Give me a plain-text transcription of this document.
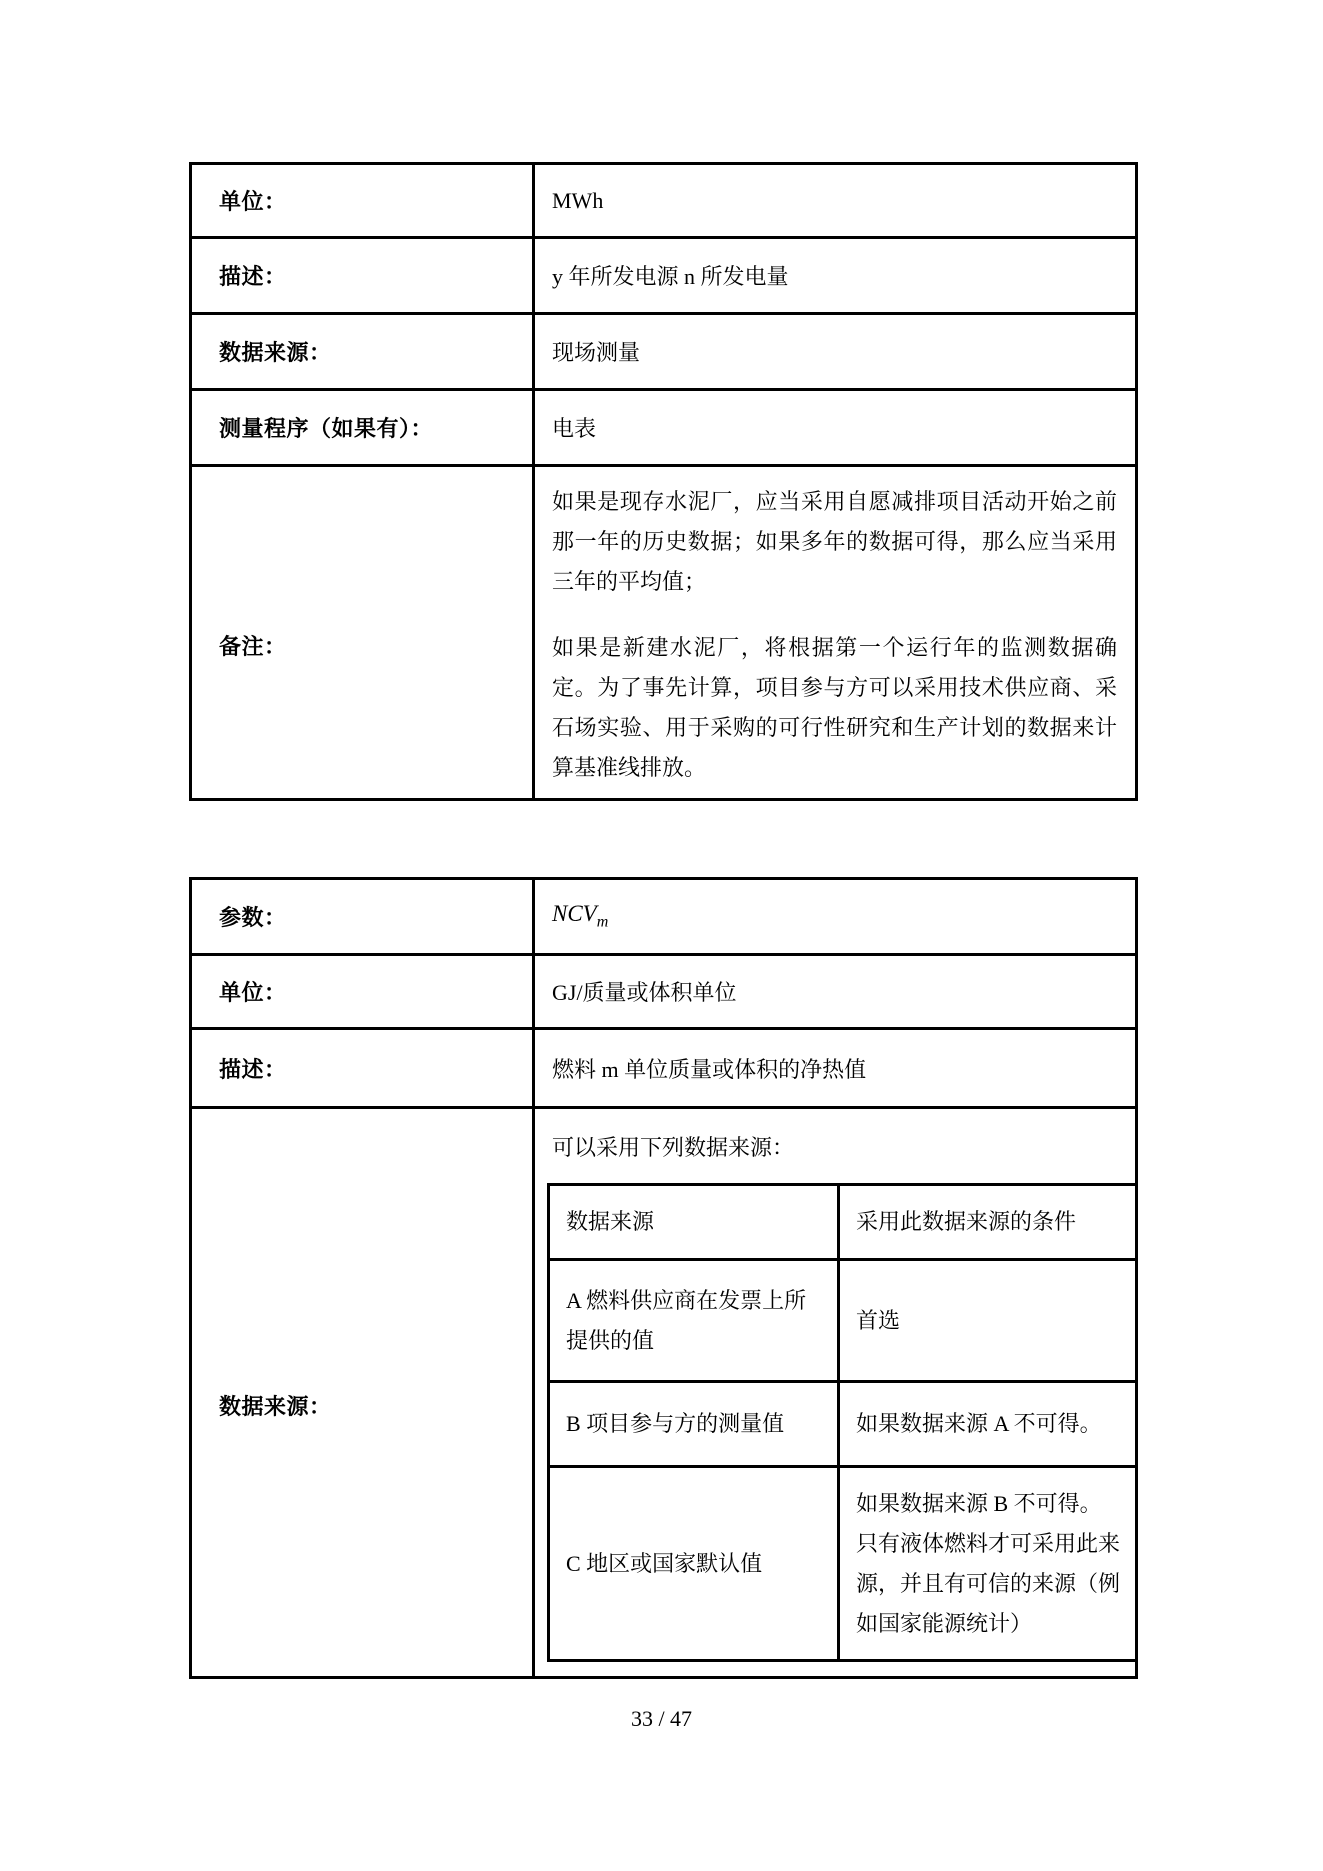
单位：	MWh
描述：	y 年所发电源 n 所发电量
数据来源：	现场测量
测量程序（如果有）：	电表
备注：	如果是现存水泥厂，应当采用自愿减排项目活动开始之前那一年的历史数据；如果多年的数据可得，那么应当采用三年的平均值；

如果是新建水泥厂，将根据第一个运行年的监测数据确定。为了事先计算，项目参与方可以采用技术供应商、采石场实验、用于采购的可行性研究和生产计划的数据来计算基准线排放。

参数：	$NCV_m$
单位：	GJ/质量或体积单位
描述：	燃料 m 单位质量或体积的净热值
数据来源：	

可以采用下列数据来源：

数据来源	采用此数据来源的条件
A 燃料供应商在发票上所提供的值	首选
B 项目参与方的测量值	如果数据来源 A 不可得。
C 地区或国家默认值	如果数据来源 B 不可得。只有液体燃料才可采用此来源，并且有可信的来源（例如国家能源统计）
33 / 47
